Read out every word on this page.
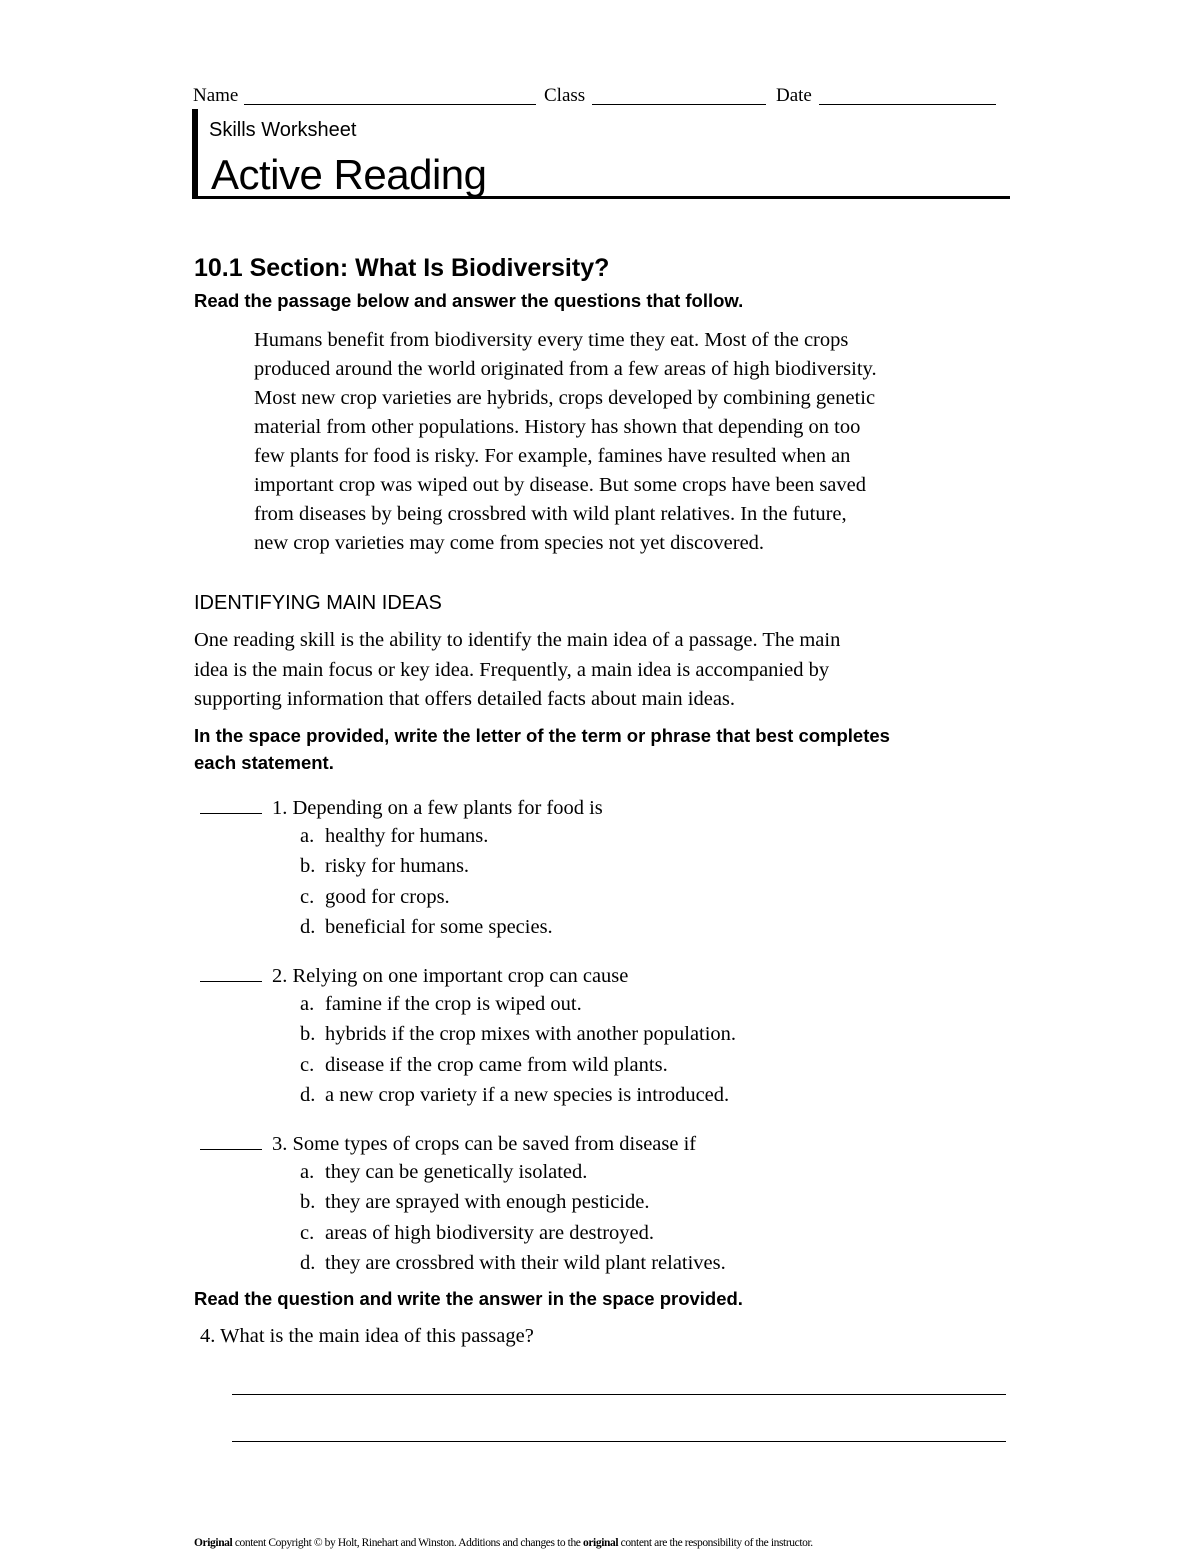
Name	Class	Date
Skills Worksheet
Active Reading
10.1 Section: What Is Biodiversity?
Read the passage below and answer the questions that follow.
Humans benefit from biodiversity every time they eat. Most of the crops
produced around the world originated from a few areas of high biodiversity.
Most new crop varieties are hybrids, crops developed by combining genetic
material from other populations. History has shown that depending on too
few plants for food is risky. For example, famines have resulted when an
important crop was wiped out by disease. But some crops have been saved
from diseases by being crossbred with wild plant relatives. In the future,
new crop varieties may come from species not yet discovered.
IDENTIFYING MAIN IDEAS
One reading skill is the ability to identify the main idea of a passage. The main
idea is the main focus or key idea. Frequently, a main idea is accompanied by
supporting information that offers detailed facts about main ideas.
In the space provided, write the letter of the term or phrase that best completes
each statement.
1. Depending on a few plants for food is
a. healthy for humans.
b. risky for humans.
c. good for crops.
d. beneficial for some species.
2. Relying on one important crop can cause
a. famine if the crop is wiped out.
b. hybrids if the crop mixes with another population.
c. disease if the crop came from wild plants.
d. a new crop variety if a new species is introduced.
3. Some types of crops can be saved from disease if
a. they can be genetically isolated.
b. they are sprayed with enough pesticide.
c. areas of high biodiversity are destroyed.
d. they are crossbred with their wild plant relatives.
Read the question and write the answer in the space provided.
4. What is the main idea of this passage?
Original content Copyright © by Holt, Rinehart and Winston. Additions and changes to the original content are the responsibility of the instructor.
